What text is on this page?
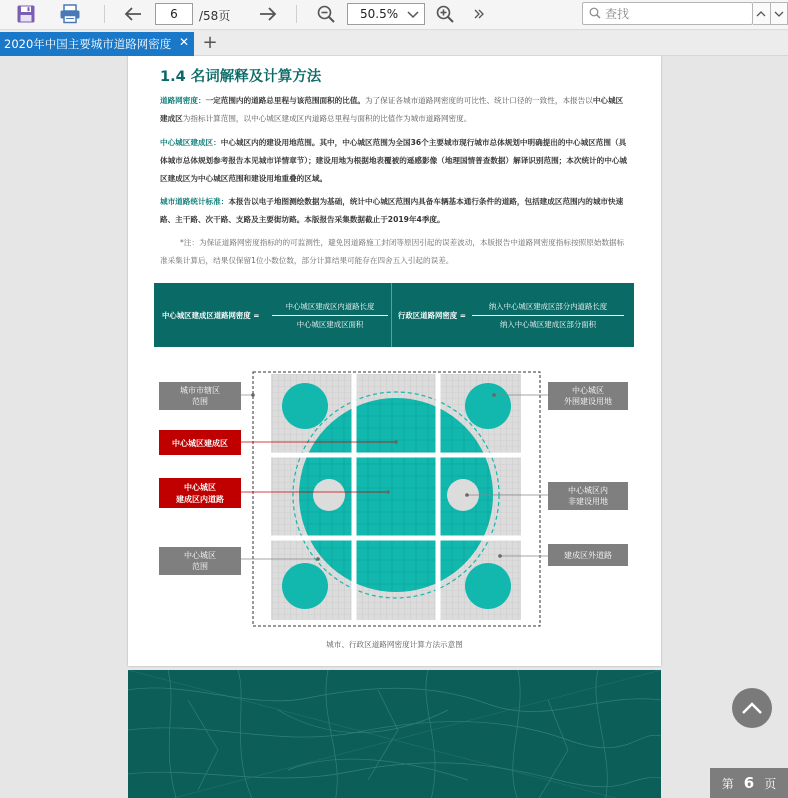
6
/58页	50.5%
查找
2020年中国主要城市道路网密度 ✕ +
1.4 名词解释及计算方法
道路网密度：一定范围内的道路总里程与该范围面积的比值。为了保证各城市道路网密度的可比性、统计口径的一致性，本报告以中心城区建成区为指标计算范围，以中心城区建成区内道路总里程与面积的比值作为城市道路网密度。
中心城区建成区：中心城区内的建设用地范围。其中，中心城区范围为全国36个主要城市现行城市总体规划中明确提出的中心城区范围（具体城市总体规划参考报告本见城市详情章节）；建设用地为根据地表覆被的遥感影像（地理国情普查数据）解译识别范围；本次统计的中心城区建成区为中心城区范围和建设用地重叠的区域。
城市道路统计标准：本报告以电子地图测绘数据为基础，统计中心城区范围内具备车辆基本通行条件的道路，包括建成区范围内的城市快速路、主干路、次干路、支路及主要街坊路。本版报告采集数据截止于2019年4季度。
*注：为保证道路网密度指标的的可监测性，避免因道路施工封闭等原因引起的误差波动，本版报告中道路网密度指标按照原始数据标准采集计算后，结果仅保留1位小数位数，部分计算结果可能存在四舍五入引起的误差。
中心城区建成区道路网密度 =
中心城区建成区内道路长度
中心城区建成区面积
行政区道路网密度 =
纳入中心城区建成区部分内道路长度
纳入中心城区建成区部分面积
城市市辖区
范围
中心城区建成区
中心城区
建成区内道路
中心城区
范围
中心城区
外围建设用地
中心城区内
非建设用地
建成区外道路
城市、行政区道路网密度计算方法示意图
第 6 页
